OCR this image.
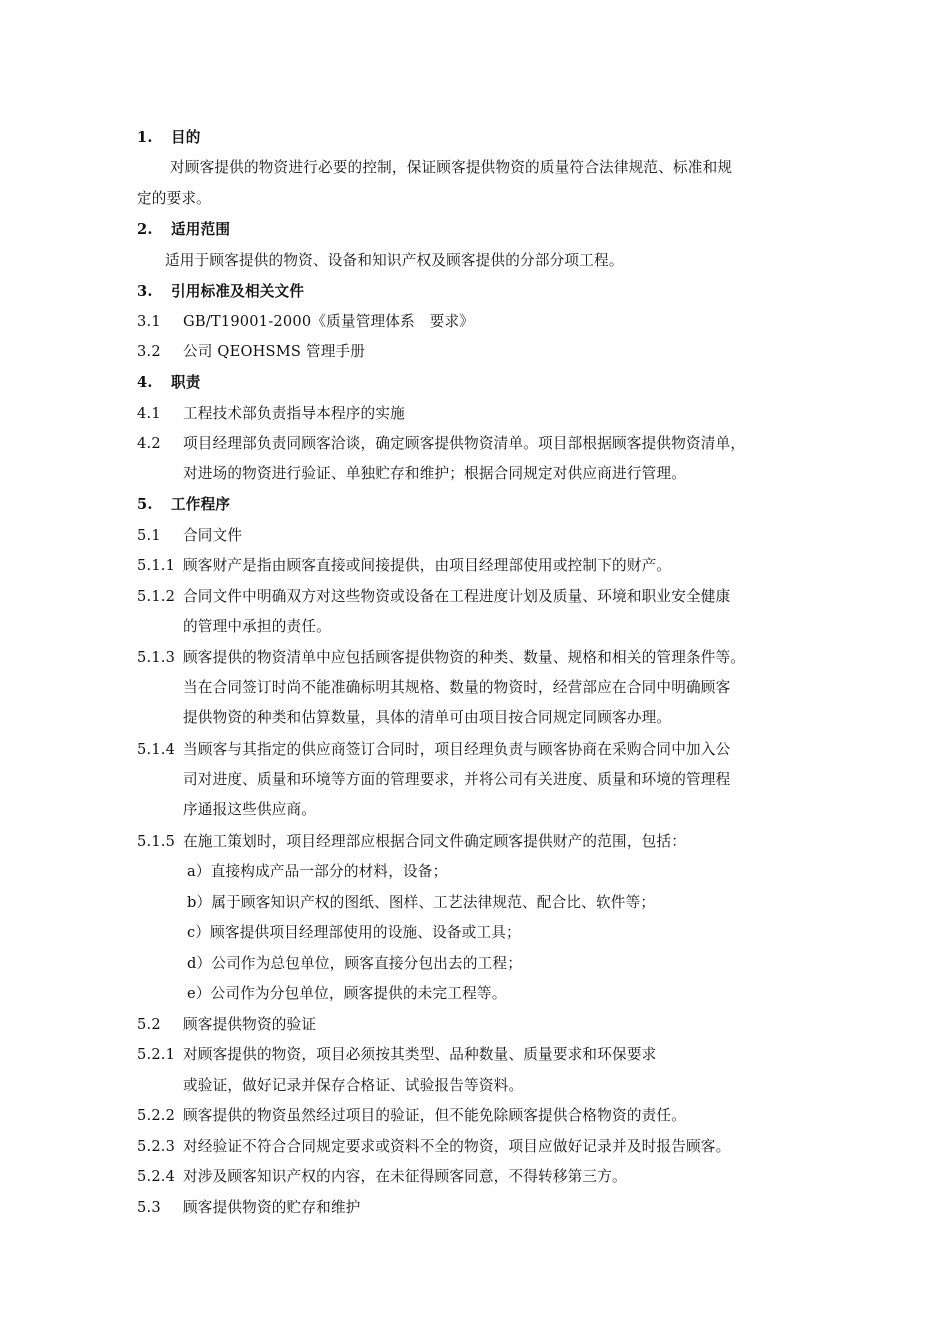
1. 目的
对顾客提供的物资进行必要的控制，保证顾客提供物资的质量符合法律规范、标准和规
定的要求。
2. 适用范围
适用于顾客提供的物资、设备和知识产权及顾客提供的分部分项工程。
3. 引用标准及相关文件
3.1 GB/T19001-2000《质量管理体系　要求》
3.2 公司 QEOHSMS 管理手册
4. 职责
4.1 工程技术部负责指导本程序的实施
4.2 项目经理部负责同顾客洽谈，确定顾客提供物资清单。项目部根据顾客提供物资清单，
对进场的物资进行验证、单独贮存和维护；根据合同规定对供应商进行管理。
5. 工作程序
5.1 合同文件
5.1.1 顾客财产是指由顾客直接或间接提供，由项目经理部使用或控制下的财产。
5.1.2 合同文件中明确双方对这些物资或设备在工程进度计划及质量、环境和职业安全健康
的管理中承担的责任。
5.1.3 顾客提供的物资清单中应包括顾客提供物资的种类、数量、规格和相关的管理条件等。
当在合同签订时尚不能准确标明其规格、数量的物资时，经营部应在合同中明确顾客
提供物资的种类和估算数量，具体的清单可由项目按合同规定同顾客办理。
5.1.4 当顾客与其指定的供应商签订合同时，项目经理负责与顾客协商在采购合同中加入公
司对进度、质量和环境等方面的管理要求，并将公司有关进度、质量和环境的管理程
序通报这些供应商。
5.1.5 在施工策划时，项目经理部应根据合同文件确定顾客提供财产的范围，包括：
a）直接构成产品一部分的材料，设备；
b）属于顾客知识产权的图纸、图样、工艺法律规范、配合比、软件等；
c）顾客提供项目经理部使用的设施、设备或工具；
d）公司作为总包单位，顾客直接分包出去的工程；
e）公司作为分包单位，顾客提供的未完工程等。
5.2 顾客提供物资的验证
5.2.1 对顾客提供的物资，项目必须按其类型、品种数量、质量要求和环保要求
或验证，做好记录并保存合格证、试验报告等资料。
5.2.2 顾客提供的物资虽然经过项目的验证，但不能免除顾客提供合格物资的责任。
5.2.3 对经验证不符合合同规定要求或资料不全的物资，项目应做好记录并及时报告顾客。
5.2.4 对涉及顾客知识产权的内容，在未征得顾客同意，不得转移第三方。
5.3 顾客提供物资的贮存和维护
